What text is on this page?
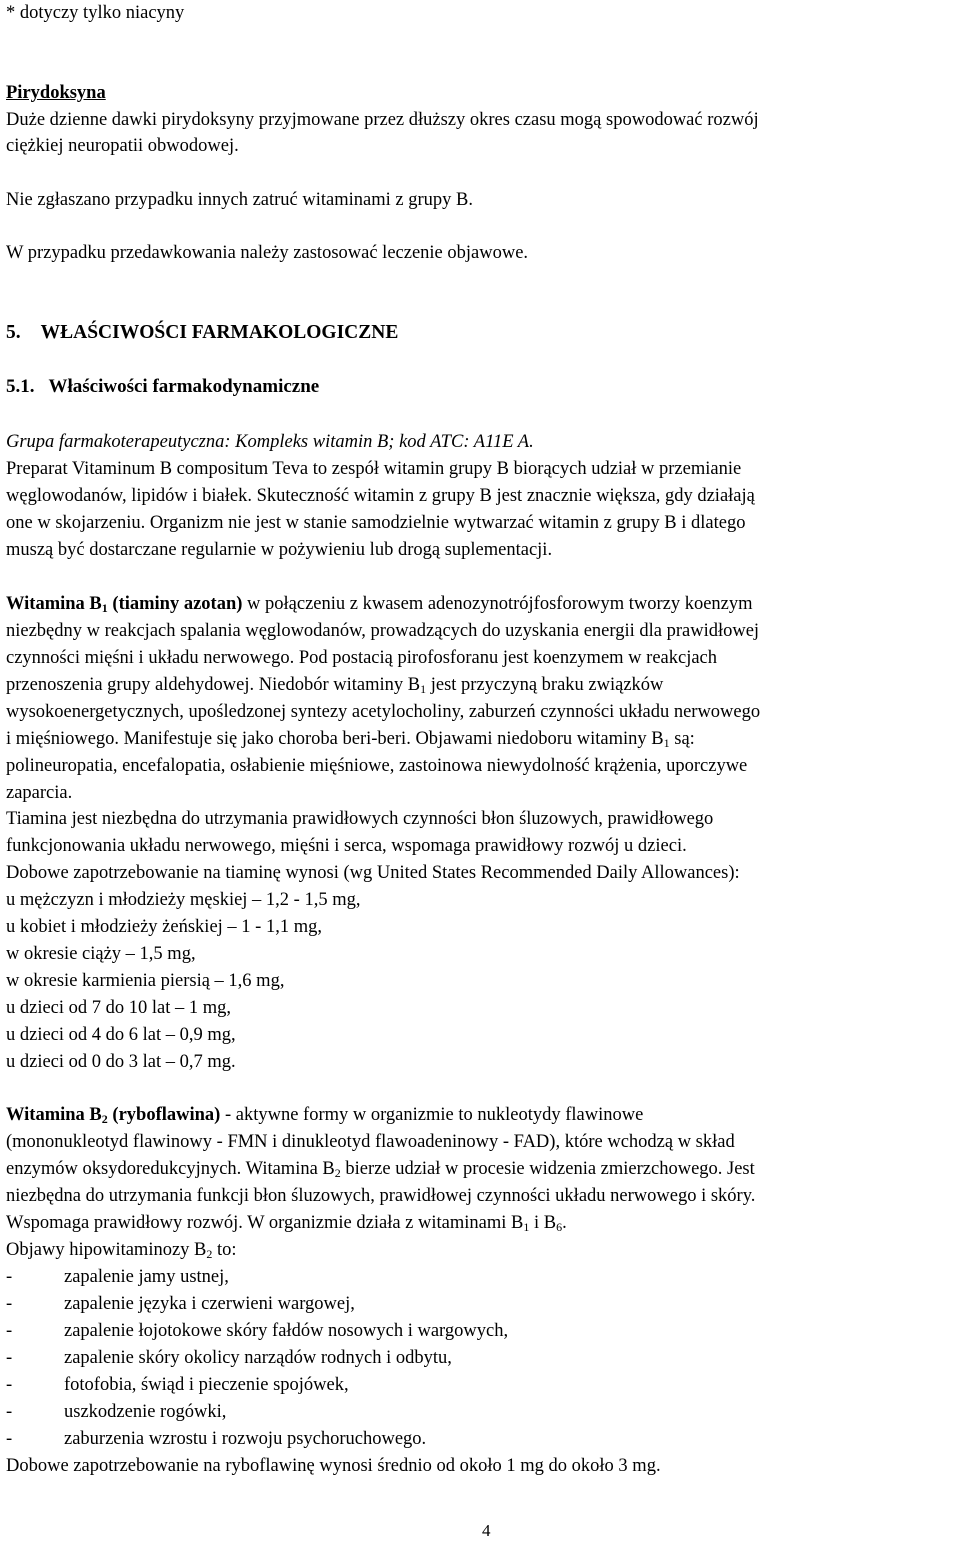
* dotyczy tylko niacyny
Pirydoksyna
Duże dzienne dawki pirydoksyny przyjmowane przez dłuższy okres czasu mogą spowodować rozwój
ciężkiej neuropatii obwodowej.
Nie zgłaszano przypadku innych zatruć witaminami z grupy B.
W przypadku przedawkowania należy zastosować leczenie objawowe.
5. WŁAŚCIWOŚCI FARMAKOLOGICZNE
5.1. Właściwości farmakodynamiczne
Grupa farmakoterapeutyczna: Kompleks witamin B; kod ATC: A11E A.
Preparat Vitaminum B compositum Teva to zespół witamin grupy B biorących udział w przemianie
węglowodanów, lipidów i białek. Skuteczność witamin z grupy B jest znacznie większa, gdy działają
one w skojarzeniu. Organizm nie jest w stanie samodzielnie wytwarzać witamin z grupy B i dlatego
muszą być dostarczane regularnie w pożywieniu lub drogą suplementacji.
Witamina $B_1$ (tiaminy azotan) w połączeniu z kwasem adenozynotrójfosforowym tworzy koenzym
niezbędny w reakcjach spalania węglowodanów, prowadzących do uzyskania energii dla prawidłowej
czynności mięśni i układu nerwowego. Pod postacią pirofosforanu jest koenzymem w reakcjach
przenoszenia grupy aldehydowej. Niedobór witaminy $B_1$ jest przyczyną braku związków
wysokoenergetycznych, upośledzonej syntezy acetylocholiny, zaburzeń czynności układu nerwowego
i mięśniowego. Manifestuje się jako choroba beri-beri. Objawami niedoboru witaminy $B_1$ są:
polineuropatia, encefalopatia, osłabienie mięśniowe, zastoinowa niewydolność krążenia, uporczywe
zaparcia.
Tiamina jest niezbędna do utrzymania prawidłowych czynności błon śluzowych, prawidłowego
funkcjonowania układu nerwowego, mięśni i serca, wspomaga prawidłowy rozwój u dzieci.
Dobowe zapotrzebowanie na tiaminę wynosi (wg United States Recommended Daily Allowances):
u mężczyzn i młodzieży męskiej – 1,2 - 1,5 mg,
u kobiet i młodzieży żeńskiej – 1 - 1,1 mg,
w okresie ciąży – 1,5 mg,
w okresie karmienia piersią – 1,6 mg,
u dzieci od 7 do 10 lat – 1 mg,
u dzieci od 4 do 6 lat – 0,9 mg,
u dzieci od 0 do 3 lat – 0,7 mg.
Witamina $B_2$ (ryboflawina) - aktywne formy w organizmie to nukleotydy flawinowe
(mononukleotyd flawinowy - FMN i dinukleotyd flawoadeninowy - FAD), które wchodzą w skład
enzymów oksydoredukcyjnych. Witamina $B_2$ bierze udział w procesie widzenia zmierzchowego. Jest
niezbędna do utrzymania funkcji błon śluzowych, prawidłowej czynności układu nerwowego i skóry.
Wspomaga prawidłowy rozwój. W organizmie działa z witaminami $B_1$ i $B_6$.
Objawy hipowitaminozy $B_2$ to:
-	zapalenie jamy ustnej,
-	zapalenie języka i czerwieni wargowej,
-	zapalenie łojotokowe skóry fałdów nosowych i wargowych,
-	zapalenie skóry okolicy narządów rodnych i odbytu,
-	fotofobia, świąd i pieczenie spojówek,
-	uszkodzenie rogówki,
-	zaburzenia wzrostu i rozwoju psychoruchowego.
Dobowe zapotrzebowanie na ryboflawinę wynosi średnio od około 1 mg do około 3 mg.
4
